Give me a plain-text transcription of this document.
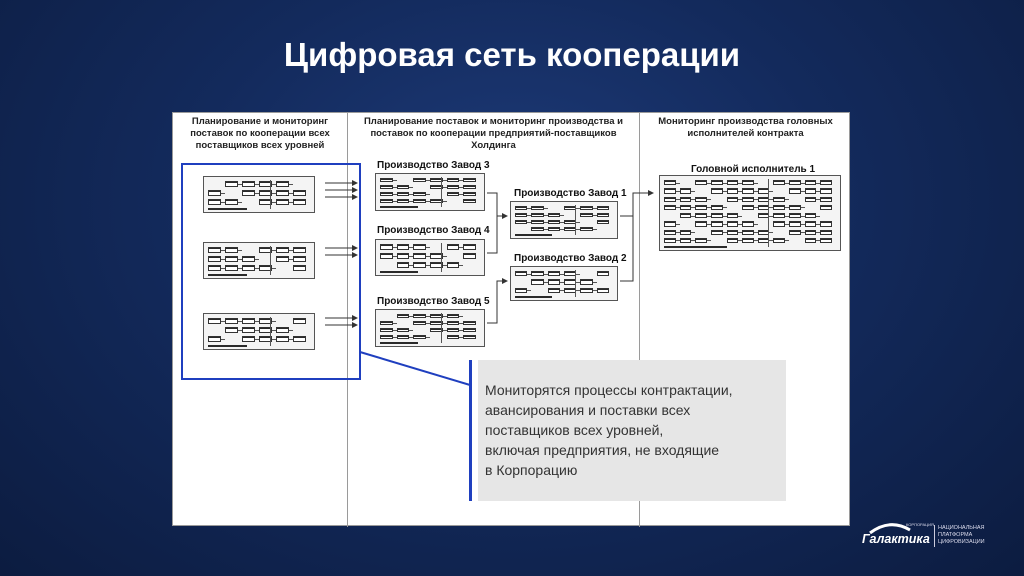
Цифровая сеть кооперации
Планирование и мониторинг
поставок по кооперации всех
поставщиков всех уровней
Планирование поставок и мониторинг производства и
поставок по кооперации предприятий-поставщиков
Холдинга
Мониторинг производства головных
исполнителей контракта
Производство Завод 3
Производство Завод 4
Производство Завод 5
Производство Завод 1
Производство Завод 2
Головной исполнитель 1
Мониторятся процессы контрактации,
авансирования и поставки всех
поставщиков всех уровней,
включая предприятия, не входящие
в Корпорацию
КОРПОРАЦИЯ
Галактика
НАЦИОНАЛЬНАЯ
ПЛАТФОРМА
ЦИФРОВИЗАЦИИ
